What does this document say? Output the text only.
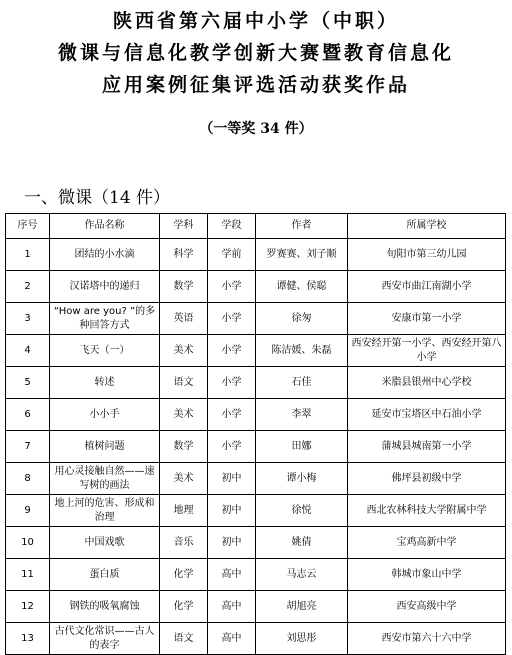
陕西省第六届中小学（中职）
微课与信息化教学创新大赛暨教育信息化
应用案例征集评选活动获奖作品
（一等奖 34 件）
一、微课（14 件）
序号	作品名称	学科	学段	作者	所属学校
1	团结的小水滴	科学	学前	罗赛赛、刘子顺	旬阳市第三幼儿园
2	汉诺塔中的递归	数学	小学	谭健、侯聪	西安市曲江南湖小学
3	“How are you? ”的多种回答方式	英语	小学	徐匆	安康市第一小学
4	飞天（一）	美术	小学	陈洁媛、朱磊	西安经开第一小学、西安经开第八小学
5	转述	语文	小学	石佳	米脂县银州中心学校
6	小小手	美术	小学	李翠	延安市宝塔区中石油小学
7	植树问题	数学	小学	田娜	蒲城县城南第一小学
8	用心灵接触自然——速写树的画法	美术	初中	谭小梅	佛坪县初级中学
9	地上河的危害、形成和治理	地理	初中	徐悦	西北农林科技大学附属中学
10	中国戏歌	音乐	初中	姚倩	宝鸡高新中学
11	蛋白质	化学	高中	马志云	韩城市象山中学
12	钢铁的吸氧腐蚀	化学	高中	胡旭亮	西安高级中学
13	古代文化常识——古人的表字	语文	高中	刘思彤	西安市第六十六中学
